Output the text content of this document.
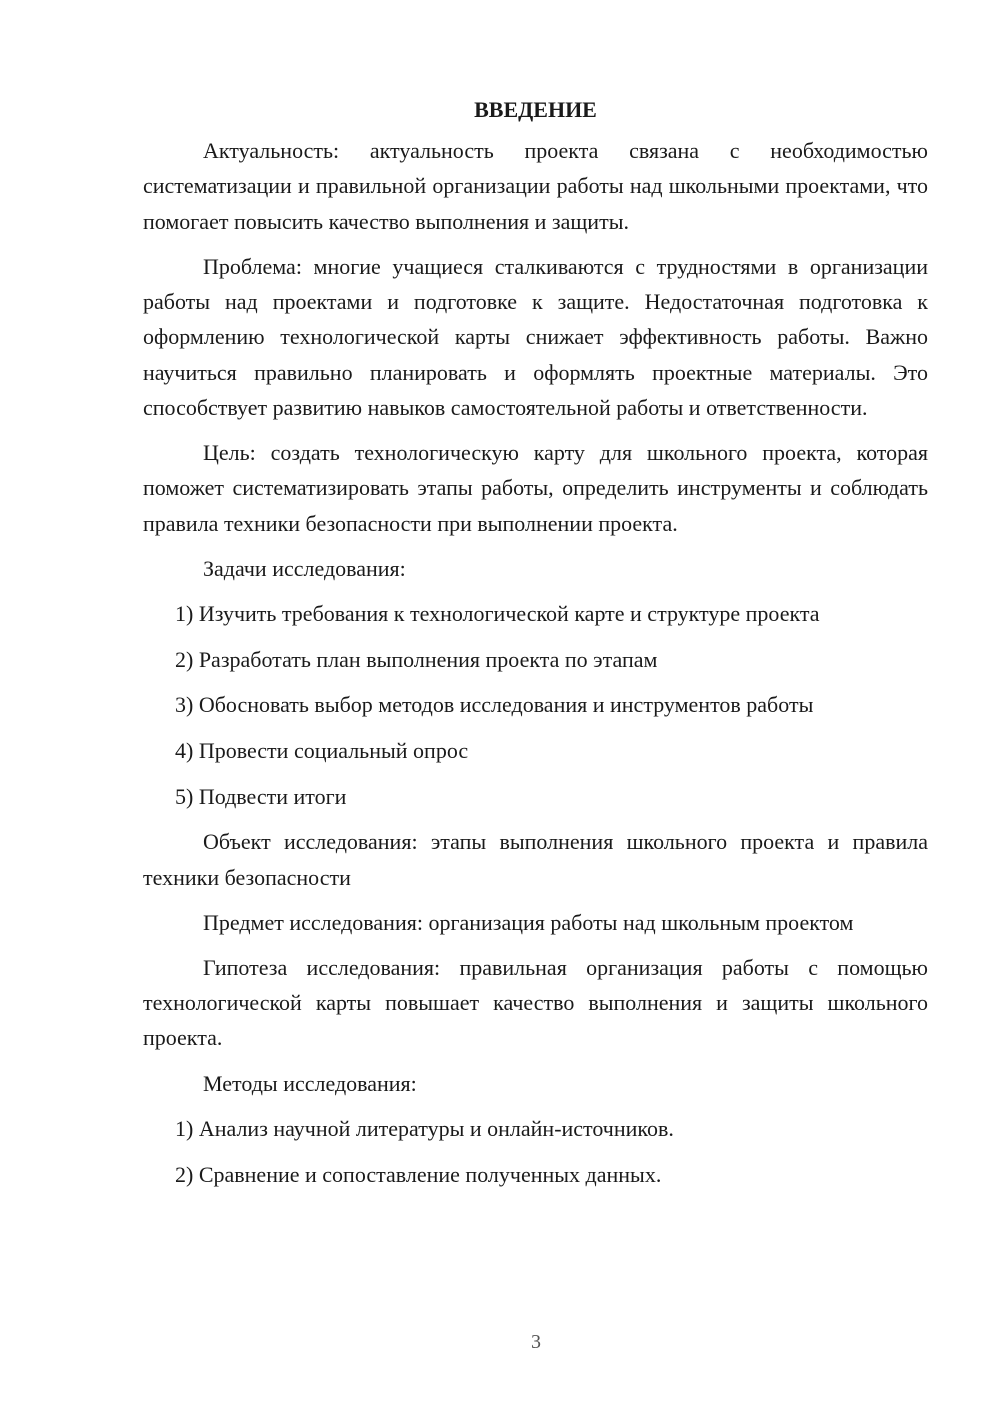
ВВЕДЕНИЕ

Актуальность: актуальность проекта связана с необходимостью систематизации и правильной организации работы над школьными проектами, что помогает повысить качество выполнения и защиты.

Проблема: многие учащиеся сталкиваются с трудностями в организации работы над проектами и подготовке к защите. Недостаточная подготовка к оформлению технологической карты снижает эффективность работы. Важно научиться правильно планировать и оформлять проектные материалы. Это способствует развитию навыков самостоятельной работы и ответственности.

Цель: создать технологическую карту для школьного проекта, которая поможет систематизировать этапы работы, определить инструменты и соблюдать правила техники безопасности при выполнении проекта.

Задачи исследования:

1) Изучить требования к технологической карте и структуре проекта
2) Разработать план выполнения проекта по этапам
3) Обосновать выбор методов исследования и инструментов работы
4) Провести социальный опрос
5) Подвести итоги

Объект исследования: этапы выполнения школьного проекта и правила техники безопасности

Предмет исследования: организация работы над школьным проектом

Гипотеза исследования: правильная организация работы с помощью технологической карты повышает качество выполнения и защиты школьного проекта.

Методы исследования:

1) Анализ научной литературы и онлайн-источников.
2) Сравнение и сопоставление полученных данных.
3
